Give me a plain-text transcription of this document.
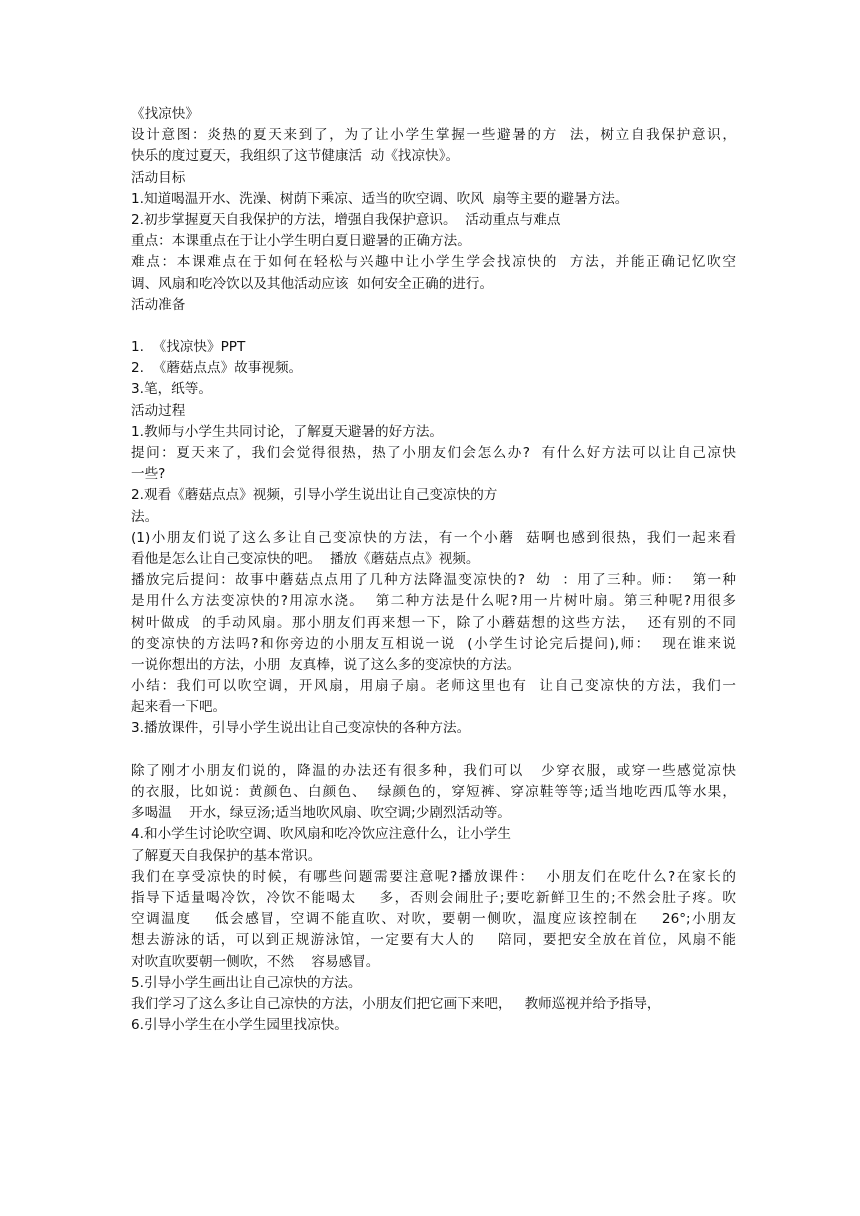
《找凉快》
设计意图：炎热的夏天来到了，为了让小学生掌握一些避暑的方  法，树立自我保护意识，
快乐的度过夏天，我组织了这节健康活  动《找凉快》。
活动目标
1.知道喝温开水、洗澡、树荫下乘凉、适当的吹空调、吹风  扇等主要的避暑方法。
2.初步掌握夏天自我保护的方法，增强自我保护意识。  活动重点与难点
重点：本课重点在于让小学生明白夏日避暑的正确方法。
难点：本课难点在于如何在轻松与兴趣中让小学生学会找凉快的  方法，并能正确记忆吹空
调、风扇和吃冷饮以及其他活动应该  如何安全正确的进行。
活动准备
1.  《找凉快》PPT
2.  《蘑菇点点》故事视频。
3.笔，纸等。
活动过程
1.教师与小学生共同讨论，了解夏天避暑的好方法。
提问：夏天来了，我们会觉得很热，热了小朋友们会怎么办?  有什么好方法可以让自己凉快
一些?
2.观看《蘑菇点点》视频，引导小学生说出让自己变凉快的方
法。
(1)小朋友们说了这么多让自己变凉快的方法，有一个小蘑  菇啊也感到很热，我们一起来看
看他是怎么让自己变凉快的吧。  播放《蘑菇点点》视频。
播放完后提问：故事中蘑菇点点用了几种方法降温变凉快的?  幼  ：用了三种。师：  第一种
是用什么方法变凉快的?用凉水浇。  第二种方法是什么呢?用一片树叶扇。第三种呢?用很多
树叶做成  的手动风扇。那小朋友们再来想一下，除了小蘑菇想的这些方法，  还有别的不同
的变凉快的方法吗?和你旁边的小朋友互相说一说  (小学生讨论完后提问),师：  现在谁来说
一说你想出的方法，小朋  友真棒，说了这么多的变凉快的方法。
小结：我们可以吹空调，开风扇，用扇子扇。老师这里也有  让自己变凉快的方法，我们一
起来看一下吧。
3.播放课件，引导小学生说出让自己变凉快的各种方法。
除了刚才小朋友们说的，降温的办法还有很多种，我们可以   少穿衣服，或穿一些感觉凉快
的衣服，比如说：黄颜色、白颜色、  绿颜色的，穿短裤、穿凉鞋等等;适当地吃西瓜等水果，
多喝温    开水，绿豆汤;适当地吹风扇、吹空调;少剧烈活动等。
4.和小学生讨论吹空调、吹风扇和吃冷饮应注意什么，让小学生
了解夏天自我保护的基本常识。
我们在享受凉快的时候，有哪些问题需要注意呢?播放课件：  小朋友们在吃什么?在家长的
指导下适量喝冷饮，冷饮不能喝太    多，否则会闹肚子;要吃新鲜卫生的;不然会肚子疼。吹
空调温度    低会感冒，空调不能直吹、对吹，要朝一侧吹，温度应该控制在    26°;小朋友
想去游泳的话，可以到正规游泳馆，一定要有大人的    陪同，要把安全放在首位，风扇不能
对吹直吹要朝一侧吹，不然    容易感冒。
5.引导小学生画出让自己凉快的方法。
我们学习了这么多让自己凉快的方法，小朋友们把它画下来吧，   教师巡视并给予指导，
6.引导小学生在小学生园里找凉快。
